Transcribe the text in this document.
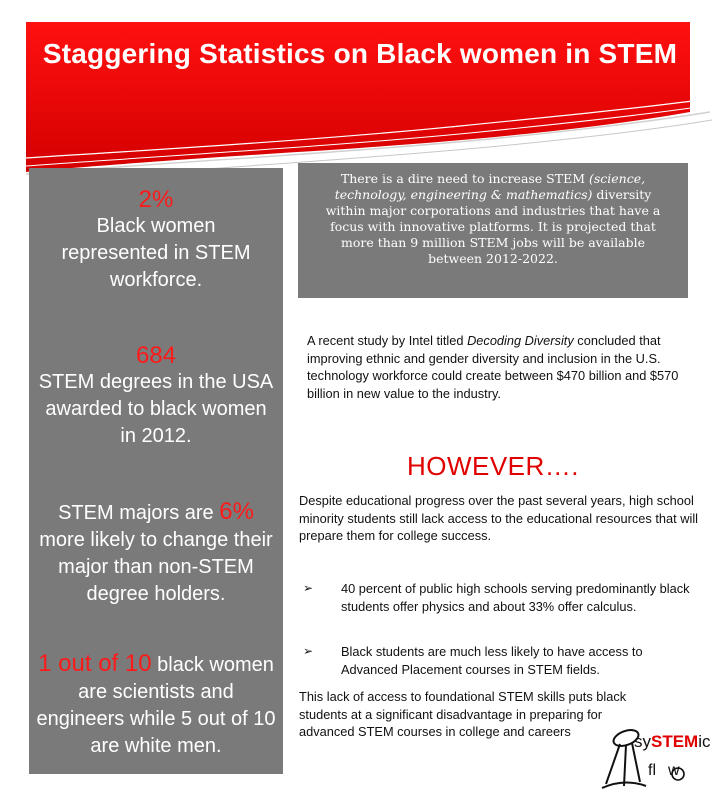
Staggering Statistics on Black women in STEM
2%
Black women represented in STEM workforce.
684
STEM degrees in the USA awarded to black women in 2012.
STEM majors are 6% more likely to change their major than non-STEM degree holders.
1 out of 10 black women are scientists and engineers while 5 out of 10 are white men.
There is a dire need to increase STEM (science, technology, engineering & mathematics) diversity within major corporations and industries that have a focus with innovative platforms. It is projected that more than 9 million STEM jobs will be available between 2012-2022.
A recent study by Intel titled Decoding Diversity concluded that improving ethnic and gender diversity and inclusion in the U.S. technology workforce could create between $470 billion and $570 billion in new value to the industry.
HOWEVER….
Despite educational progress over the past several years, high school minority students still lack access to the educational resources that will prepare them for college success.
➢ 40 percent of public high schools serving predominantly black students offer physics and about 33% offer calculus.
➢ Black students are much less likely to have access to Advanced Placement courses in STEM fields.
This lack of access to foundational STEM skills puts black students at a significant disadvantage in preparing for advanced STEM courses in college and careers
sySTEMic
fl w
